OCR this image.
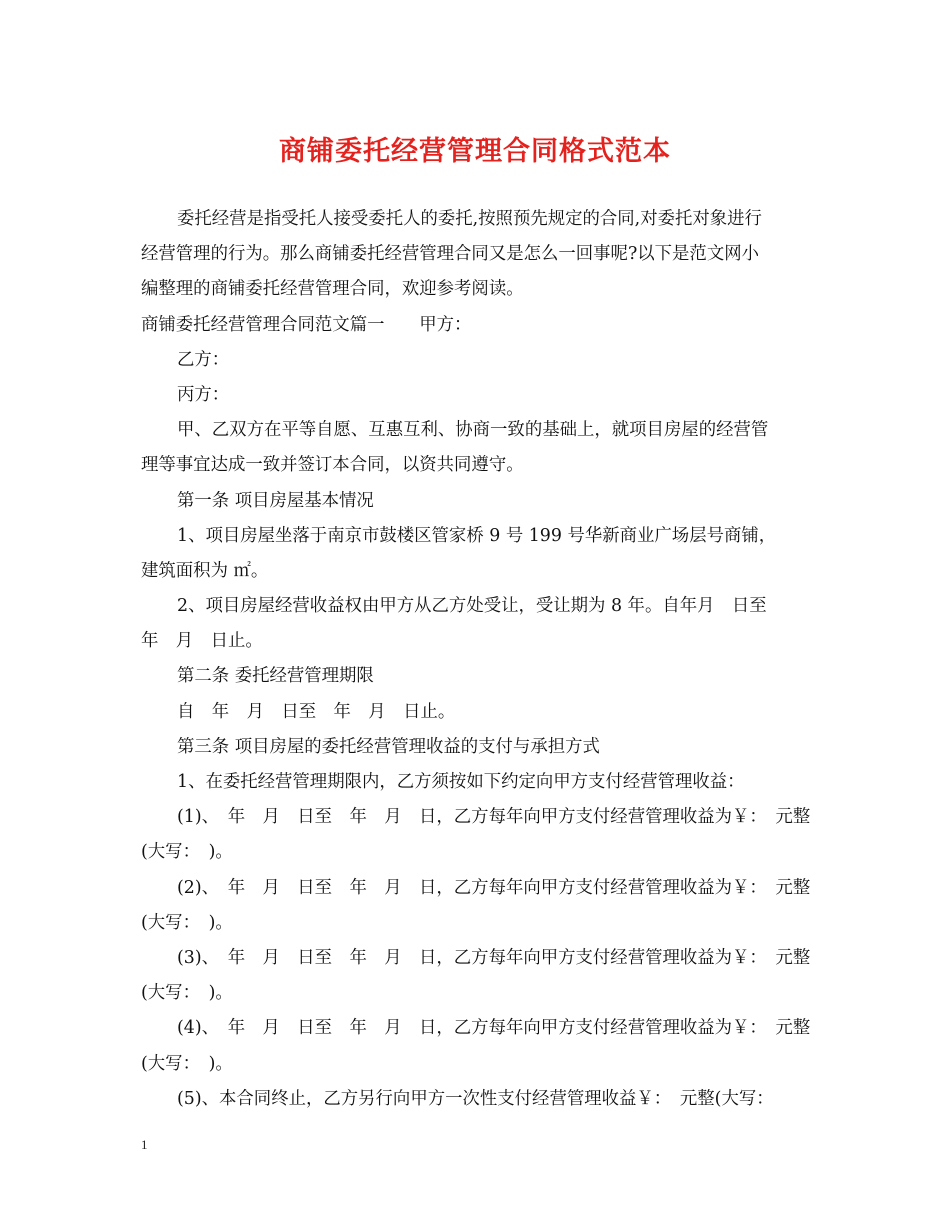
商铺委托经营管理合同格式范本
委托经营是指受托人接受委托人的委托,按照预先规定的合同,对委托对象进行
经营管理的行为。那么商铺委托经营管理合同又是怎么一回事呢?以下是范文网小
编整理的商铺委托经营管理合同，欢迎参考阅读。
商铺委托经营管理合同范文篇一　　甲方：
乙方：
丙方：
甲、乙双方在平等自愿、互惠互利、协商一致的基础上，就项目房屋的经营管
理等事宜达成一致并签订本合同，以资共同遵守。
第一条 项目房屋基本情况
1、项目房屋坐落于南京市鼓楼区管家桥 9 号 199 号华新商业广场层号商铺，
建筑面积为 ㎡。
2、项目房屋经营收益权由甲方从乙方处受让，受让期为 8 年。自年月　日至
年　月　日止。
第二条 委托经营管理期限
自　年　月　日至　年　月　日止。
第三条 项目房屋的委托经营管理收益的支付与承担方式
1、在委托经营管理期限内，乙方须按如下约定向甲方支付经营管理收益：
(1)、　年　月　日至　年　月　日，乙方每年向甲方支付经营管理收益为￥：　元整
(大写：　)。
(2)、　年　月　日至　年　月　日，乙方每年向甲方支付经营管理收益为￥：　元整
(大写：　)。
(3)、　年　月　日至　年　月　日，乙方每年向甲方支付经营管理收益为￥：　元整
(大写：　)。
(4)、　年　月　日至　年　月　日，乙方每年向甲方支付经营管理收益为￥：　元整
(大写：　)。
(5)、本合同终止，乙方另行向甲方一次性支付经营管理收益￥：　元整(大写：
1
